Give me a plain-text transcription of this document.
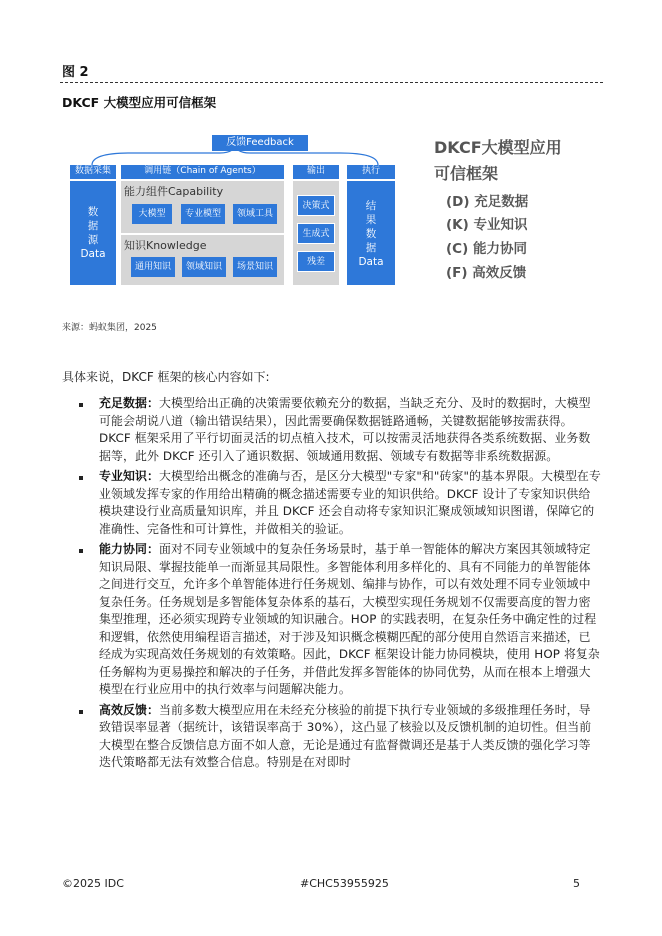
图 2
DKCF 大模型应用可信框架
反馈Feedback
数据采集
数
据
源
Data
调用链（Chain of Agents）
能力组件Capability
大模型	专业模型	领域工具
知识Knowledge
通用知识	领域知识	场景知识
输出
决策式
生成式
残差
执行
结
果
数
据
Data
DKCF大模型应用
可信框架
(D) 充足数据
(K) 专业知识
(C) 能力协同
(F) 高效反馈
来源：蚂蚁集团，2025
具体来说，DKCF 框架的核心内容如下:
充足数据：大模型给出正确的决策需要依赖充分的数据，当缺乏充分、及时的数据时，大模型可能会胡说八道（输出错误结果），因此需要确保数据链路通畅，关键数据能够按需获得。DKCF 框架采用了平行切面灵活的切点植入技术，可以按需灵活地获得各类系统数据、业务数据等，此外 DKCF 还引入了通识数据、领域通用数据、领域专有数据等非系统数据源。
专业知识：大模型给出概念的准确与否，是区分大模型"专家"和"砖家"的基本界限。大模型在专业领域发挥专家的作用给出精确的概念描述需要专业的知识供给。DKCF 设计了专家知识供给模块建设行业高质量知识库，并且 DKCF 还会自动将专家知识汇聚成领域知识图谱，保障它的准确性、完备性和可计算性，并做相关的验证。
能力协同：面对不同专业领域中的复杂任务场景时，基于单一智能体的解决方案因其领域特定知识局限、掌握技能单一而渐显其局限性。多智能体利用多样化的、具有不同能力的单智能体之间进行交互，允许多个单智能体进行任务规划、编排与协作，可以有效处理不同专业领域中复杂任务。任务规划是多智能体复杂体系的基石，大模型实现任务规划不仅需要高度的智力密集型推理，还必须实现跨专业领域的知识融合。HOP 的实践表明，在复杂任务中确定性的过程和逻辑，依然使用编程语言描述，对于涉及知识概念模糊匹配的部分使用自然语言来描述，已经成为实现高效任务规划的有效策略。因此，DKCF 框架设计能力协同模块，使用 HOP 将复杂任务解构为更易操控和解决的子任务，并借此发挥多智能体的协同优势，从而在根本上增强大模型在行业应用中的执行效率与问题解决能力。
高效反馈：当前多数大模型应用在未经充分核验的前提下执行专业领域的多级推理任务时，导致错误率显著（据统计，该错误率高于 30%），这凸显了核验以及反馈机制的迫切性。但当前大模型在整合反馈信息方面不如人意，无论是通过有监督微调还是基于人类反馈的强化学习等迭代策略都无法有效整合信息。特别是在对即时
©2025 IDC	#CHC53955925	5
